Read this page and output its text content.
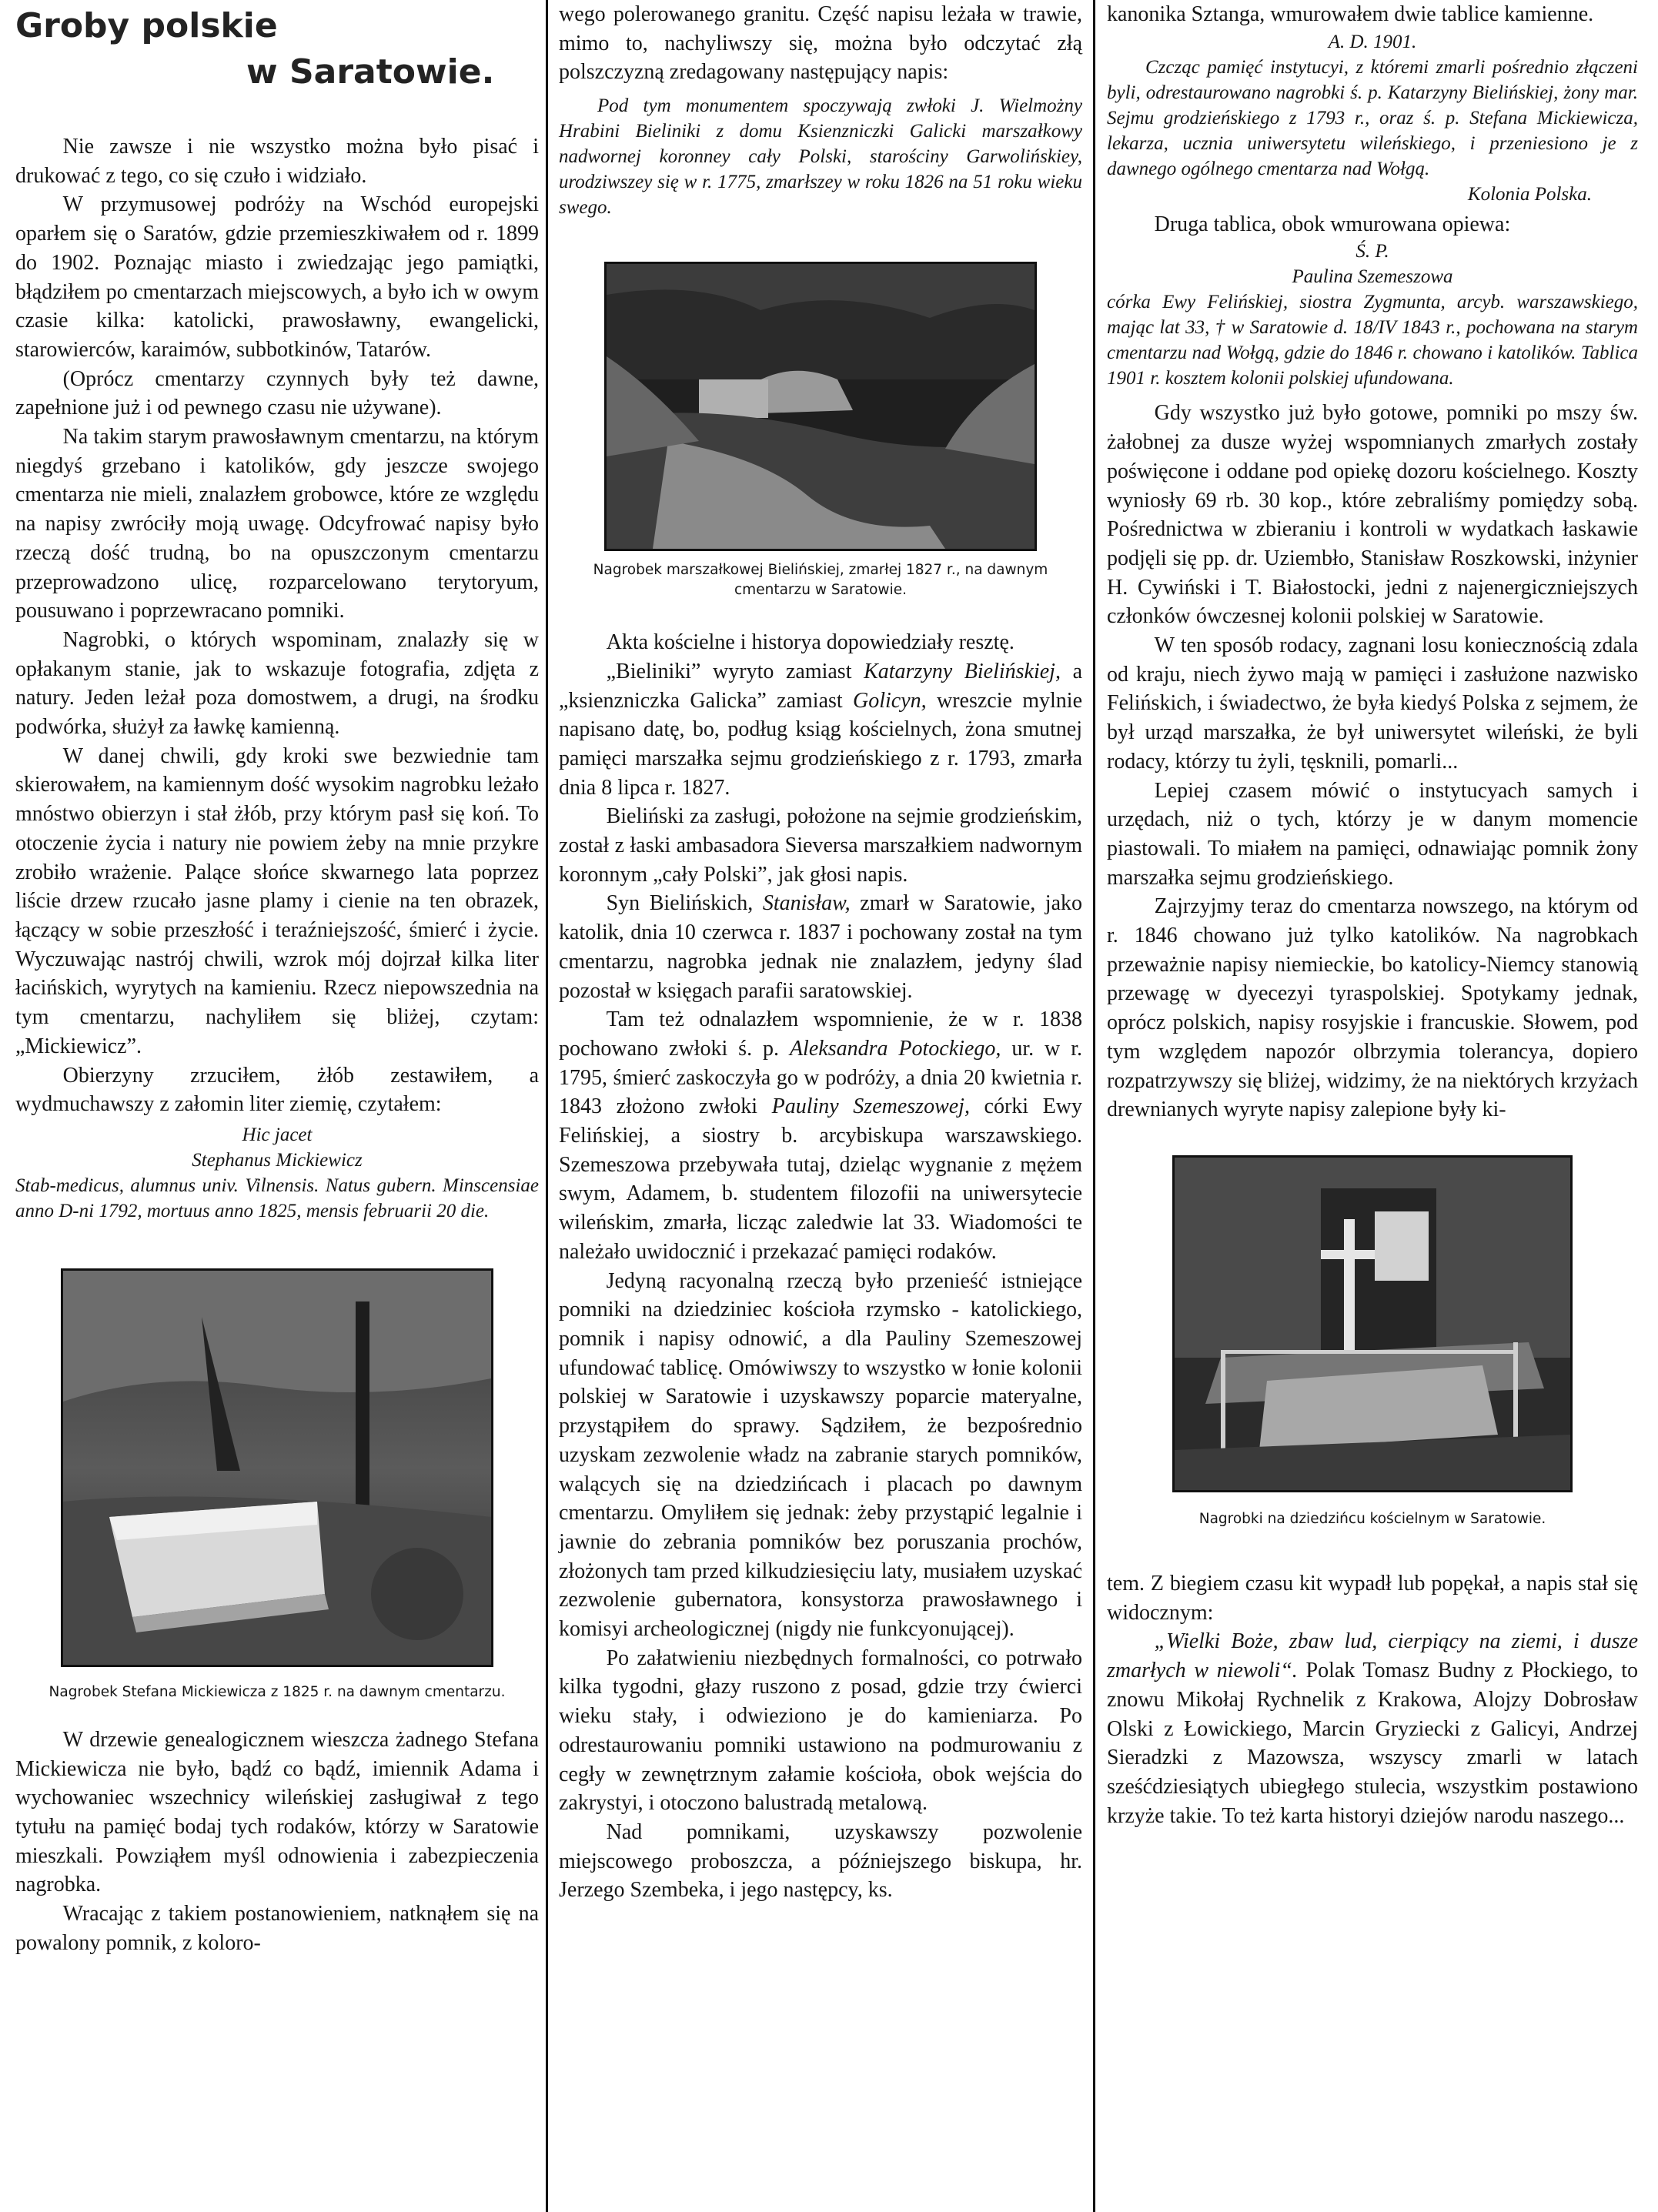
Groby polskie
w Saratowie.

Nie zawsze i nie wszystko można było pisać i drukować z tego, co się czuło i widziało.

W przymusowej podróży na Wschód europejski oparłem się o Saratów, gdzie przemieszkiwałem od r. 1899 do 1902. Poznając miasto i zwiedzając jego pamiątki, błądziłem po cmentarzach miejscowych, a było ich w owym czasie kilka: katolicki, prawosławny, ewangelicki, starowierców, karaimów, subbotkinów, Tatarów.

(Oprócz cmentarzy czynnych były też dawne, zapełnione już i od pewnego czasu nie używane).

Na takim starym prawosławnym cmentarzu, na którym niegdyś grzebano i katolików, gdy jeszcze swojego cmentarza nie mieli, znalazłem grobowce, które ze względu na napisy zwróciły moją uwagę. Odcyfrować napisy było rzeczą dość trudną, bo na opuszczonym cmentarzu przeprowadzono ulicę, rozparcelowano terytoryum, pousuwano i poprzewracano pomniki.

Nagrobki, o których wspominam, znalazły się w opłakanym stanie, jak to wskazuje fotografia, zdjęta z natury. Jeden leżał poza domostwem, a drugi, na środku podwórka, służył za ławkę kamienną.

W danej chwili, gdy kroki swe bezwiednie tam skierowałem, na kamiennym dość wysokim nagrobku leżało mnóstwo obierzyn i stał żłób, przy którym pasł się koń. To otoczenie życia i natury nie powiem żeby na mnie przykre zrobiło wrażenie. Palące słońce skwarnego lata poprzez liście drzew rzucało jasne plamy i cienie na ten obrazek, łączący w sobie przeszłość i teraźniejszość, śmierć i życie. Wyczuwając nastrój chwili, wzrok mój dojrzał kilka liter łacińskich, wyrytych na kamieniu. Rzecz niepowszednia na tym cmentarzu, nachyliłem się bliżej, czytam: „Mickiewicz”.

Obierzyny zrzuciłem, żłób zestawiłem, a wydmuchawszy z załomin liter ziemię, czytałem:

Hic jacet

Stephanus Mickiewicz

Stab-medicus, alumnus univ. Vilnensis. Natus gubern. Minscensiae anno D-ni 1792, mortuus anno 1825, mensis februarii 20 die.

Nagrobek Stefana Mickiewicza z 1825 r. na dawnym cmentarzu.

W drzewie genealogicznem wieszcza żadnego Stefana Mickiewicza nie było, bądź co bądź, imiennik Adama i wychowaniec wszechnicy wileńskiej zasługiwał z tego tytułu na pamięć bodaj tych rodaków, którzy w Saratowie mieszkali. Powziąłem myśl odnowienia i zabezpieczenia nagrobka.

Wracając z takiem postanowieniem, natknąłem się na powalony pomnik, z koloro-

wego polerowanego granitu. Część napisu leżała w trawie, mimo to, nachyliwszy się, można było odczytać złą polszczyzną zredagowany następujący napis:

Pod tym monumentem spoczywają zwłoki J. Wielmożny Hrabini Bieliniki z domu Ksienzniczki Galicki marszałkowy nadwornej koronney cały Polski, starościny Garwolińskiey, urodziwszey się w r. 1775, zmarłszey w roku 1826 na 51 roku wieku swego.

Nagrobek marszałkowej Bielińskiej, zmarłej 1827 r., na dawnym cmentarzu w Saratowie.

Akta kościelne i historya dopowiedziały resztę.

„Bieliniki” wyryto zamiast Katarzyny Bielińskiej, a „ksienzniczka Galicka” zamiast Golicyn, wreszcie mylnie napisano datę, bo, podług ksiąg kościelnych, żona smutnej pamięci marszałka sejmu grodzieńskiego z r. 1793, zmarła dnia 8 lipca r. 1827.

Bieliński za zasługi, położone na sejmie grodzieńskim, został z łaski ambasadora Sieversa marszałkiem nadwornym koronnym „cały Polski”, jak głosi napis.

Syn Bielińskich, Stanisław, zmarł w Saratowie, jako katolik, dnia 10 czerwca r. 1837 i pochowany został na tym cmentarzu, nagrobka jednak nie znalazłem, jedyny ślad pozostał w księgach parafii saratowskiej.

Tam też odnalazłem wspomnienie, że w r. 1838 pochowano zwłoki ś. p. Aleksandra Potockiego, ur. w r. 1795, śmierć zaskoczyła go w podróży, a dnia 20 kwietnia r. 1843 złożono zwłoki Pauliny Szemeszowej, córki Ewy Felińskiej, a siostry b. arcybiskupa warszawskiego. Szemeszowa przebywała tutaj, dzieląc wygnanie z mężem swym, Adamem, b. studentem filozofii na uniwersytecie wileńskim, zmarła, licząc zaledwie lat 33. Wiadomości te należało uwidocznić i przekazać pamięci rodaków.

Jedyną racyonalną rzeczą było przenieść istniejące pomniki na dziedziniec kościoła rzymsko - katolickiego, pomnik i napisy odnowić, a dla Pauliny Szemeszowej ufundować tablicę. Omówiwszy to wszystko w łonie kolonii polskiej w Saratowie i uzyskawszy poparcie materyalne, przystąpiłem do sprawy. Sądziłem, że bezpośrednio uzyskam zezwolenie władz na zabranie starych pomników, walących się na dziedzińcach i placach po dawnym cmentarzu. Omyliłem się jednak: żeby przystąpić legalnie i jawnie do zebrania pomników bez poruszania prochów, złożonych tam przed kilkudziesięciu laty, musiałem uzyskać zezwolenie gubernatora, konsystorza prawosławnego i komisyi archeologicznej (nigdy nie funkcyonującej).

Po załatwieniu niezbędnych formalności, co potrwało kilka tygodni, głazy ruszono z posad, gdzie trzy ćwierci wieku stały, i odwieziono je do kamieniarza. Po odrestaurowaniu pomniki ustawiono na podmurowaniu z cegły w zewnętrznym załamie kościoła, obok wejścia do zakrystyi, i otoczono balustradą metalową.

Nad pomnikami, uzyskawszy pozwolenie miejscowego proboszcza, a późniejszego biskupa, hr. Jerzego Szembeka, i jego następcy, ks.

kanonika Sztanga, wmurowałem dwie tablice kamienne.

A. D. 1901.

Czcząc pamięć instytucyi, z któremi zmarli pośrednio złączeni byli, odrestaurowano nagrobki ś. p. Katarzyny Bielińskiej, żony mar. Sejmu grodzieńskiego z 1793 r., oraz ś. p. Stefana Mickiewicza, lekarza, ucznia uniwersytetu wileńskiego, i przeniesiono je z dawnego ogólnego cmentarza nad Wołgą.

Kolonia Polska.

Druga tablica, obok wmurowana opiewa:

Ś. P.

Paulina Szemeszowa

córka Ewy Felińskiej, siostra Zygmunta, arcyb. warszawskiego, mając lat 33, † w Saratowie d. 18/IV 1843 r., pochowana na starym cmentarzu nad Wołgą, gdzie do 1846 r. chowano i katolików. Tablica 1901 r. kosztem kolonii polskiej ufundowana.

Gdy wszystko już było gotowe, pomniki po mszy św. żałobnej za dusze wyżej wspomnianych zmarłych zostały poświęcone i oddane pod opiekę dozoru kościelnego. Koszty wyniosły 69 rb. 30 kop., które zebraliśmy pomiędzy sobą. Pośrednictwa w zbieraniu i kontroli w wydatkach łaskawie podjęli się pp. dr. Uziembło, Stanisław Roszkowski, inżynier H. Cywiński i T. Białostocki, jedni z najenergiczniejszych członków ówczesnej kolonii polskiej w Saratowie.

W ten sposób rodacy, zagnani losu koniecznością zdala od kraju, niech żywo mają w pamięci i zasłużone nazwisko Felińskich, i świadectwo, że była kiedyś Polska z sejmem, że był urząd marszałka, że był uniwersytet wileński, że byli rodacy, którzy tu żyli, tęsknili, pomarli...

Lepiej czasem mówić o instytucyach samych i urzędach, niż o tych, którzy je w danym momencie piastowali. To miałem na pamięci, odnawiając pomnik żony marszałka sejmu grodzieńskiego.

Zajrzyjmy teraz do cmentarza nowszego, na którym od r. 1846 chowano już tylko katolików. Na nagrobkach przeważnie napisy niemieckie, bo katolicy-Niemcy stanowią przewagę w dyecezyi tyraspolskiej. Spotykamy jednak, oprócz polskich, napisy rosyjskie i francuskie. Słowem, pod tym względem napozór olbrzymia tolerancya, dopiero rozpatrzywszy się bliżej, widzimy, że na niektórych krzyżach drewnianych wyryte napisy zalepione były ki-

Nagrobki na dziedzińcu kościelnym w Saratowie.

tem. Z biegiem czasu kit wypadł lub popękał, a napis stał się widocznym:

„Wielki Boże, zbaw lud, cierpiący na ziemi, i dusze zmarłych w niewoli“. Polak Tomasz Budny z Płockiego, to znowu Mikołaj Rychnelik z Krakowa, Alojzy Dobrosław Olski z Łowickiego, Marcin Gryziecki z Galicyi, Andrzej Sieradzki z Mazowsza, wszyscy zmarli w latach sześćdziesiątych ubiegłego stulecia, wszystkim postawiono krzyże takie. To też karta historyi dziejów narodu naszego...
